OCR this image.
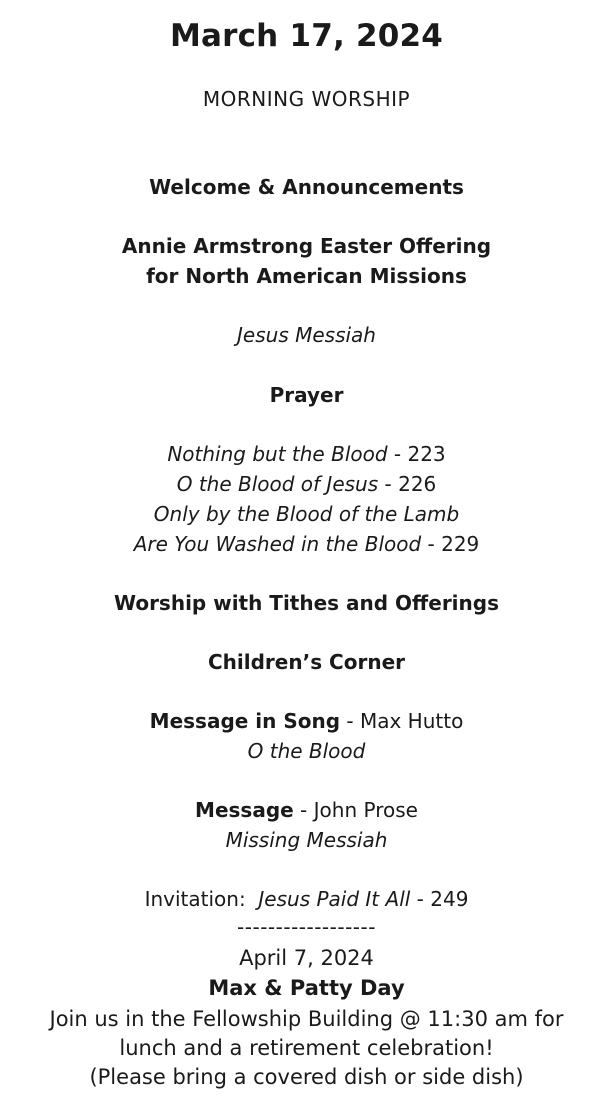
March 17, 2024
MORNING WORSHIP
Welcome & Announcements
Annie Armstrong Easter Offering
for North American Missions
Jesus Messiah
Prayer
Nothing but the Blood - 223
O the Blood of Jesus - 226
Only by the Blood of the Lamb
Are You Washed in the Blood - 229
Worship with Tithes and Offerings
Children’s Corner
Message in Song - Max Hutto
O the Blood
Message - John Prose
Missing Messiah
Invitation:  Jesus Paid It All - 249
------------------
April 7, 2024
Max & Patty Day
Join us in the Fellowship Building @ 11:30 am for
lunch and a retirement celebration!
(Please bring a covered dish or side dish)
